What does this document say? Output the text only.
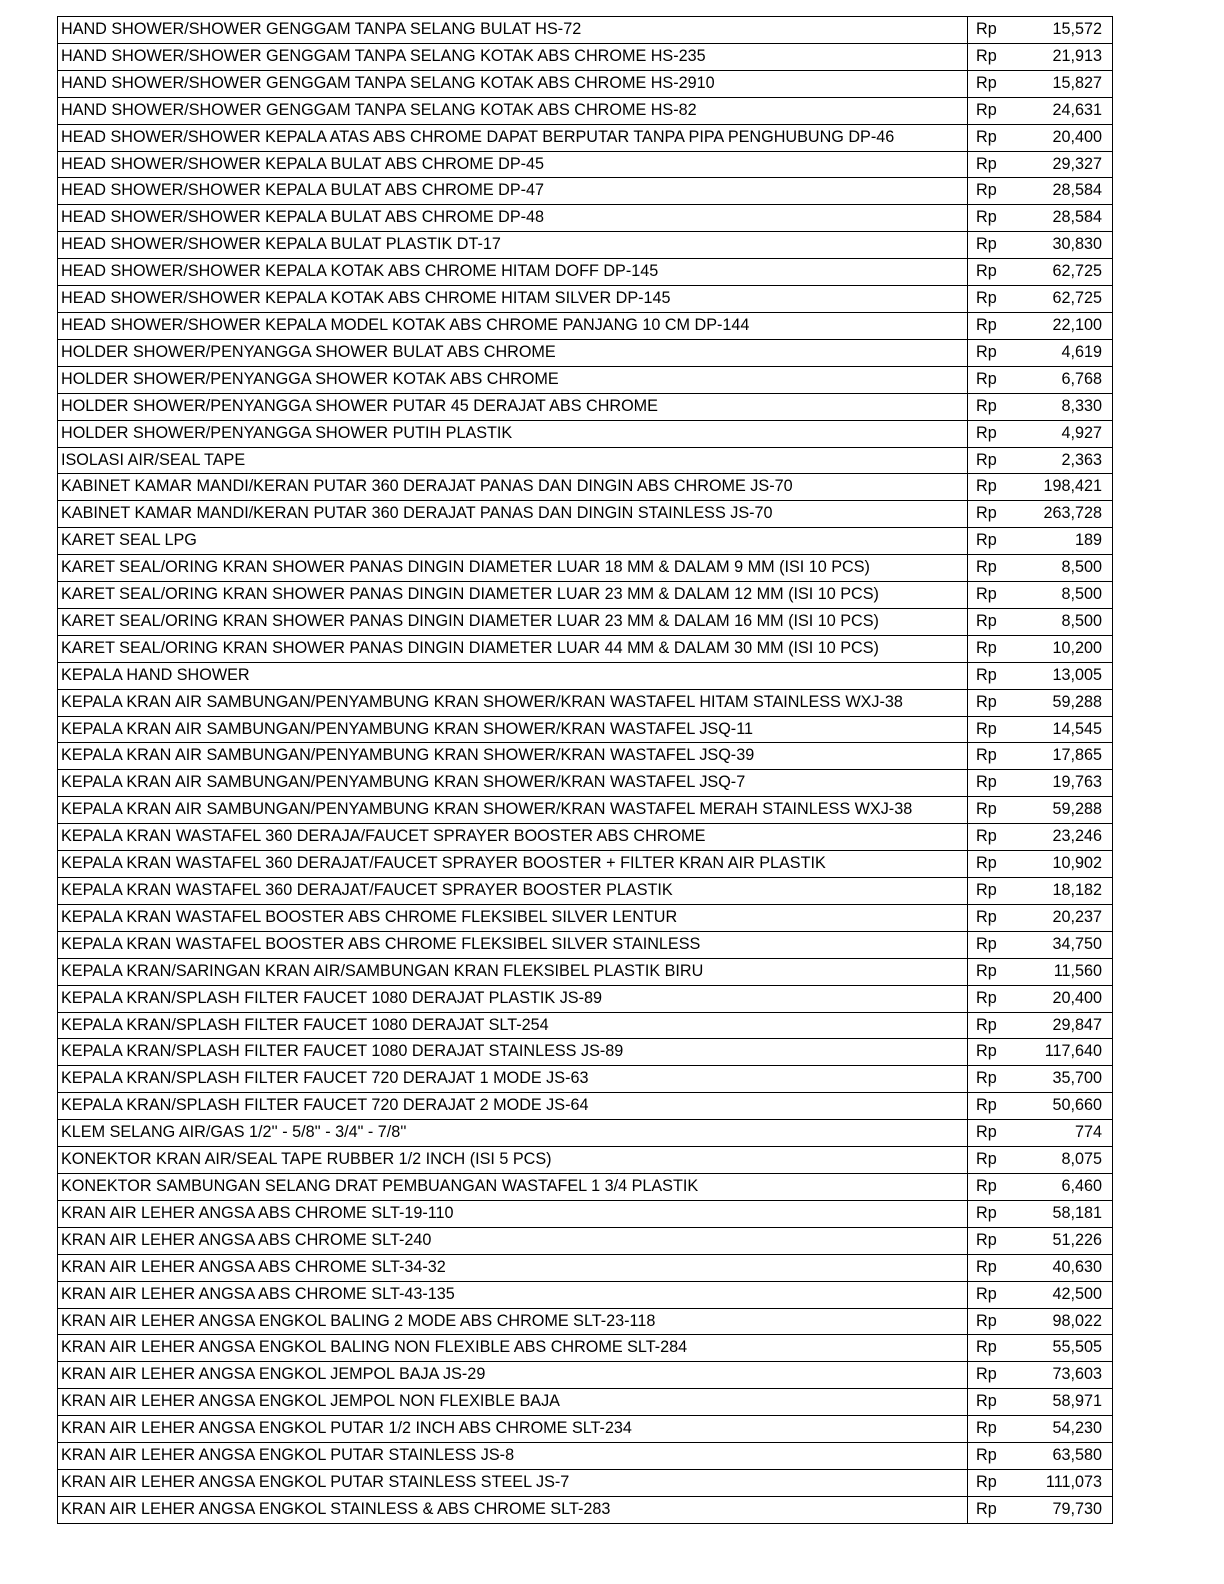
HAND SHOWER/SHOWER GENGGAM TANPA SELANG BULAT HS-72	Rp	15,572
HAND SHOWER/SHOWER GENGGAM TANPA SELANG KOTAK ABS CHROME HS-235	Rp	21,913
HAND SHOWER/SHOWER GENGGAM TANPA SELANG KOTAK ABS CHROME HS-2910	Rp	15,827
HAND SHOWER/SHOWER GENGGAM TANPA SELANG KOTAK ABS CHROME HS-82	Rp	24,631
HEAD SHOWER/SHOWER KEPALA ATAS ABS CHROME DAPAT BERPUTAR TANPA PIPA PENGHUBUNG DP-46	Rp	20,400
HEAD SHOWER/SHOWER KEPALA BULAT ABS CHROME DP-45	Rp	29,327
HEAD SHOWER/SHOWER KEPALA BULAT ABS CHROME DP-47	Rp	28,584
HEAD SHOWER/SHOWER KEPALA BULAT ABS CHROME DP-48	Rp	28,584
HEAD SHOWER/SHOWER KEPALA BULAT PLASTIK DT-17	Rp	30,830
HEAD SHOWER/SHOWER KEPALA KOTAK ABS CHROME HITAM DOFF DP-145	Rp	62,725
HEAD SHOWER/SHOWER KEPALA KOTAK ABS CHROME HITAM SILVER DP-145	Rp	62,725
HEAD SHOWER/SHOWER KEPALA MODEL KOTAK ABS CHROME PANJANG 10 CM DP-144	Rp	22,100
HOLDER SHOWER/PENYANGGA SHOWER BULAT ABS CHROME	Rp	4,619
HOLDER SHOWER/PENYANGGA SHOWER KOTAK ABS CHROME	Rp	6,768
HOLDER SHOWER/PENYANGGA SHOWER PUTAR 45 DERAJAT ABS CHROME	Rp	8,330
HOLDER SHOWER/PENYANGGA SHOWER PUTIH PLASTIK	Rp	4,927
ISOLASI AIR/SEAL TAPE	Rp	2,363
KABINET KAMAR MANDI/KERAN PUTAR 360 DERAJAT PANAS DAN DINGIN ABS CHROME JS-70	Rp	198,421
KABINET KAMAR MANDI/KERAN PUTAR 360 DERAJAT PANAS DAN DINGIN STAINLESS JS-70	Rp	263,728
KARET SEAL LPG	Rp	189
KARET SEAL/ORING KRAN SHOWER PANAS DINGIN DIAMETER LUAR 18 MM & DALAM 9 MM (ISI 10 PCS)	Rp	8,500
KARET SEAL/ORING KRAN SHOWER PANAS DINGIN DIAMETER LUAR 23 MM & DALAM 12 MM (ISI 10 PCS)	Rp	8,500
KARET SEAL/ORING KRAN SHOWER PANAS DINGIN DIAMETER LUAR 23 MM & DALAM 16 MM (ISI 10 PCS)	Rp	8,500
KARET SEAL/ORING KRAN SHOWER PANAS DINGIN DIAMETER LUAR 44 MM & DALAM 30 MM (ISI 10 PCS)	Rp	10,200
KEPALA HAND SHOWER	Rp	13,005
KEPALA KRAN AIR SAMBUNGAN/PENYAMBUNG KRAN SHOWER/KRAN WASTAFEL HITAM STAINLESS WXJ-38	Rp	59,288
KEPALA KRAN AIR SAMBUNGAN/PENYAMBUNG KRAN SHOWER/KRAN WASTAFEL JSQ-11	Rp	14,545
KEPALA KRAN AIR SAMBUNGAN/PENYAMBUNG KRAN SHOWER/KRAN WASTAFEL JSQ-39	Rp	17,865
KEPALA KRAN AIR SAMBUNGAN/PENYAMBUNG KRAN SHOWER/KRAN WASTAFEL JSQ-7	Rp	19,763
KEPALA KRAN AIR SAMBUNGAN/PENYAMBUNG KRAN SHOWER/KRAN WASTAFEL MERAH STAINLESS WXJ-38	Rp	59,288
KEPALA KRAN WASTAFEL 360 DERAJA/FAUCET SPRAYER BOOSTER ABS CHROME	Rp	23,246
KEPALA KRAN WASTAFEL 360 DERAJAT/FAUCET SPRAYER BOOSTER + FILTER KRAN AIR PLASTIK	Rp	10,902
KEPALA KRAN WASTAFEL 360 DERAJAT/FAUCET SPRAYER BOOSTER PLASTIK	Rp	18,182
KEPALA KRAN WASTAFEL BOOSTER ABS CHROME FLEKSIBEL SILVER LENTUR	Rp	20,237
KEPALA KRAN WASTAFEL BOOSTER ABS CHROME FLEKSIBEL SILVER STAINLESS	Rp	34,750
KEPALA KRAN/SARINGAN KRAN AIR/SAMBUNGAN KRAN FLEKSIBEL PLASTIK BIRU	Rp	11,560
KEPALA KRAN/SPLASH FILTER FAUCET 1080 DERAJAT PLASTIK JS-89	Rp	20,400
KEPALA KRAN/SPLASH FILTER FAUCET 1080 DERAJAT SLT-254	Rp	29,847
KEPALA KRAN/SPLASH FILTER FAUCET 1080 DERAJAT STAINLESS JS-89	Rp	117,640
KEPALA KRAN/SPLASH FILTER FAUCET 720 DERAJAT 1 MODE JS-63	Rp	35,700
KEPALA KRAN/SPLASH FILTER FAUCET 720 DERAJAT 2 MODE JS-64	Rp	50,660
KLEM SELANG AIR/GAS 1/2'' - 5/8'' - 3/4" - 7/8''	Rp	774
KONEKTOR KRAN AIR/SEAL TAPE RUBBER 1/2 INCH (ISI 5 PCS)	Rp	8,075
KONEKTOR SAMBUNGAN SELANG DRAT PEMBUANGAN WASTAFEL 1 3/4 PLASTIK	Rp	6,460
KRAN AIR LEHER ANGSA ABS CHROME SLT-19-110	Rp	58,181
KRAN AIR LEHER ANGSA ABS CHROME SLT-240	Rp	51,226
KRAN AIR LEHER ANGSA ABS CHROME SLT-34-32	Rp	40,630
KRAN AIR LEHER ANGSA ABS CHROME SLT-43-135	Rp	42,500
KRAN AIR LEHER ANGSA ENGKOL BALING 2 MODE ABS CHROME SLT-23-118	Rp	98,022
KRAN AIR LEHER ANGSA ENGKOL BALING NON FLEXIBLE ABS CHROME SLT-284	Rp	55,505
KRAN AIR LEHER ANGSA ENGKOL JEMPOL BAJA JS-29	Rp	73,603
KRAN AIR LEHER ANGSA ENGKOL JEMPOL NON FLEXIBLE BAJA	Rp	58,971
KRAN AIR LEHER ANGSA ENGKOL PUTAR 1/2 INCH ABS CHROME SLT-234	Rp	54,230
KRAN AIR LEHER ANGSA ENGKOL PUTAR STAINLESS JS-8	Rp	63,580
KRAN AIR LEHER ANGSA ENGKOL PUTAR STAINLESS STEEL JS-7	Rp	111,073
KRAN AIR LEHER ANGSA ENGKOL STAINLESS & ABS CHROME SLT-283	Rp	79,730
